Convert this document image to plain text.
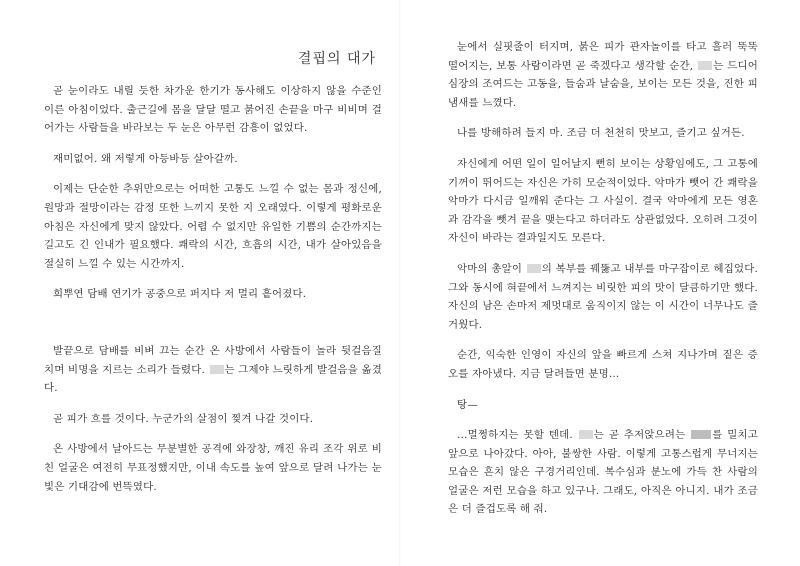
결핍의 대가

곧 눈이라도 내릴 듯한 차가운 한기가 동사해도 이상하지 않을 수준인 이른 아침이었다. 출근길에 몸을 달달 떨고 붉어진 손끝을 마구 비비며 걸어가는 사람들을 바라보는 두 눈은 아무런 감흥이 없었다.

재미없어. 왜 저렇게 아등바등 살아갈까.

이제는 단순한 추위만으로는 어떠한 고통도 느낄 수 없는 몸과 정신에, 원망과 절망이라는 감정 또한 느끼지 못한 지 오래였다. 이렇게 평화로운 아침은 자신에게 맞지 않았다. 어렵 수 없지만 유일한 기쁨의 순간까지는 길고도 긴 인내가 필요했다. 쾌락의 시간, 흐흠의 시간, 내가 살아있음을 절실히 느낄 수 있는 시간까지.

희뿌연 담배 연기가 공중으로 퍼지다 저 멀리 흩어졌다.

발끝으로 담배를 비벼 끄는 순간 온 사방에서 사람들이 놀라 뒷걸음질 치며 비명을 지르는 소리가 들렸다. 는 그제야 느릿하게 발걸음을 옮겼다.

곧 피가 흐를 것이다. 누군가의 살점이 찢겨 나갈 것이다.

온 사방에서 날아드는 무분별한 공격에 와장창, 깨진 유리 조각 위로 비친 얼굴은 여전히 무표정했지만, 이내 속도를 높여 앞으로 달려 나가는 눈빛은 기대감에 번뜩였다.

눈에서 실핏줄이 터지며, 붉은 피가 관자놀이를 타고 흘러 뚝뚝 떨어지는, 보통 사람이라면 곧 죽겠다고 생각할 순간, 는 드디어 심장의 조여드는 고동을, 들숨과 날숨을, 보이는 모든 것을, 진한 피 냄새를 느꼈다.

나를 방해하려 들지 마. 조금 더 천천히 맛보고, 즐기고 싶거든.

자신에게 어떤 일이 일어날지 뻔히 보이는 상황임에도, 그 고통에 기꺼이 뛰어드는 자신은 가히 모순적이었다. 악마가 뺏어 간 쾌락을 악마가 다시금 일깨워 준다는 그 사실이. 결국 악마에게 모든 영혼과 감각을 뺏겨 끝을 맺는다고 하더라도 상관없었다. 오히려 그것이 자신이 바라는 결과일지도 모른다.

악마의 총알이 의 복부를 꿰뚫고 내부를 마구잡이로 헤집었다. 그와 동시에 혀끝에서 느껴지는 비릿한 피의 맛이 달큼하기만 했다. 자신의 남은 손마저 제멋대로 움직이지 않는 이 시간이 너무나도 즐거웠다.

순간, 익숙한 인영이 자신의 앞을 빠르게 스쳐 지나가며 짙은 증오를 자아냈다. 지금 달려들면 분명…

탕—

…멀쩡하지는 못할 텐데. 는 곧 추저앉으려는	를 밀치고 앞으로 나아갔다. 아아, 불쌍한 사람. 이렇게 고통스럽게 무너지는 모습은 흔치 않은 구경거리인데. 복수심과 분노에 가득 찬 사람의 얼굴은 저런 모습을 하고 있구나. 그래도, 아직은 아니지. 내가 조금은 더 즐겁도록 해 줘.
